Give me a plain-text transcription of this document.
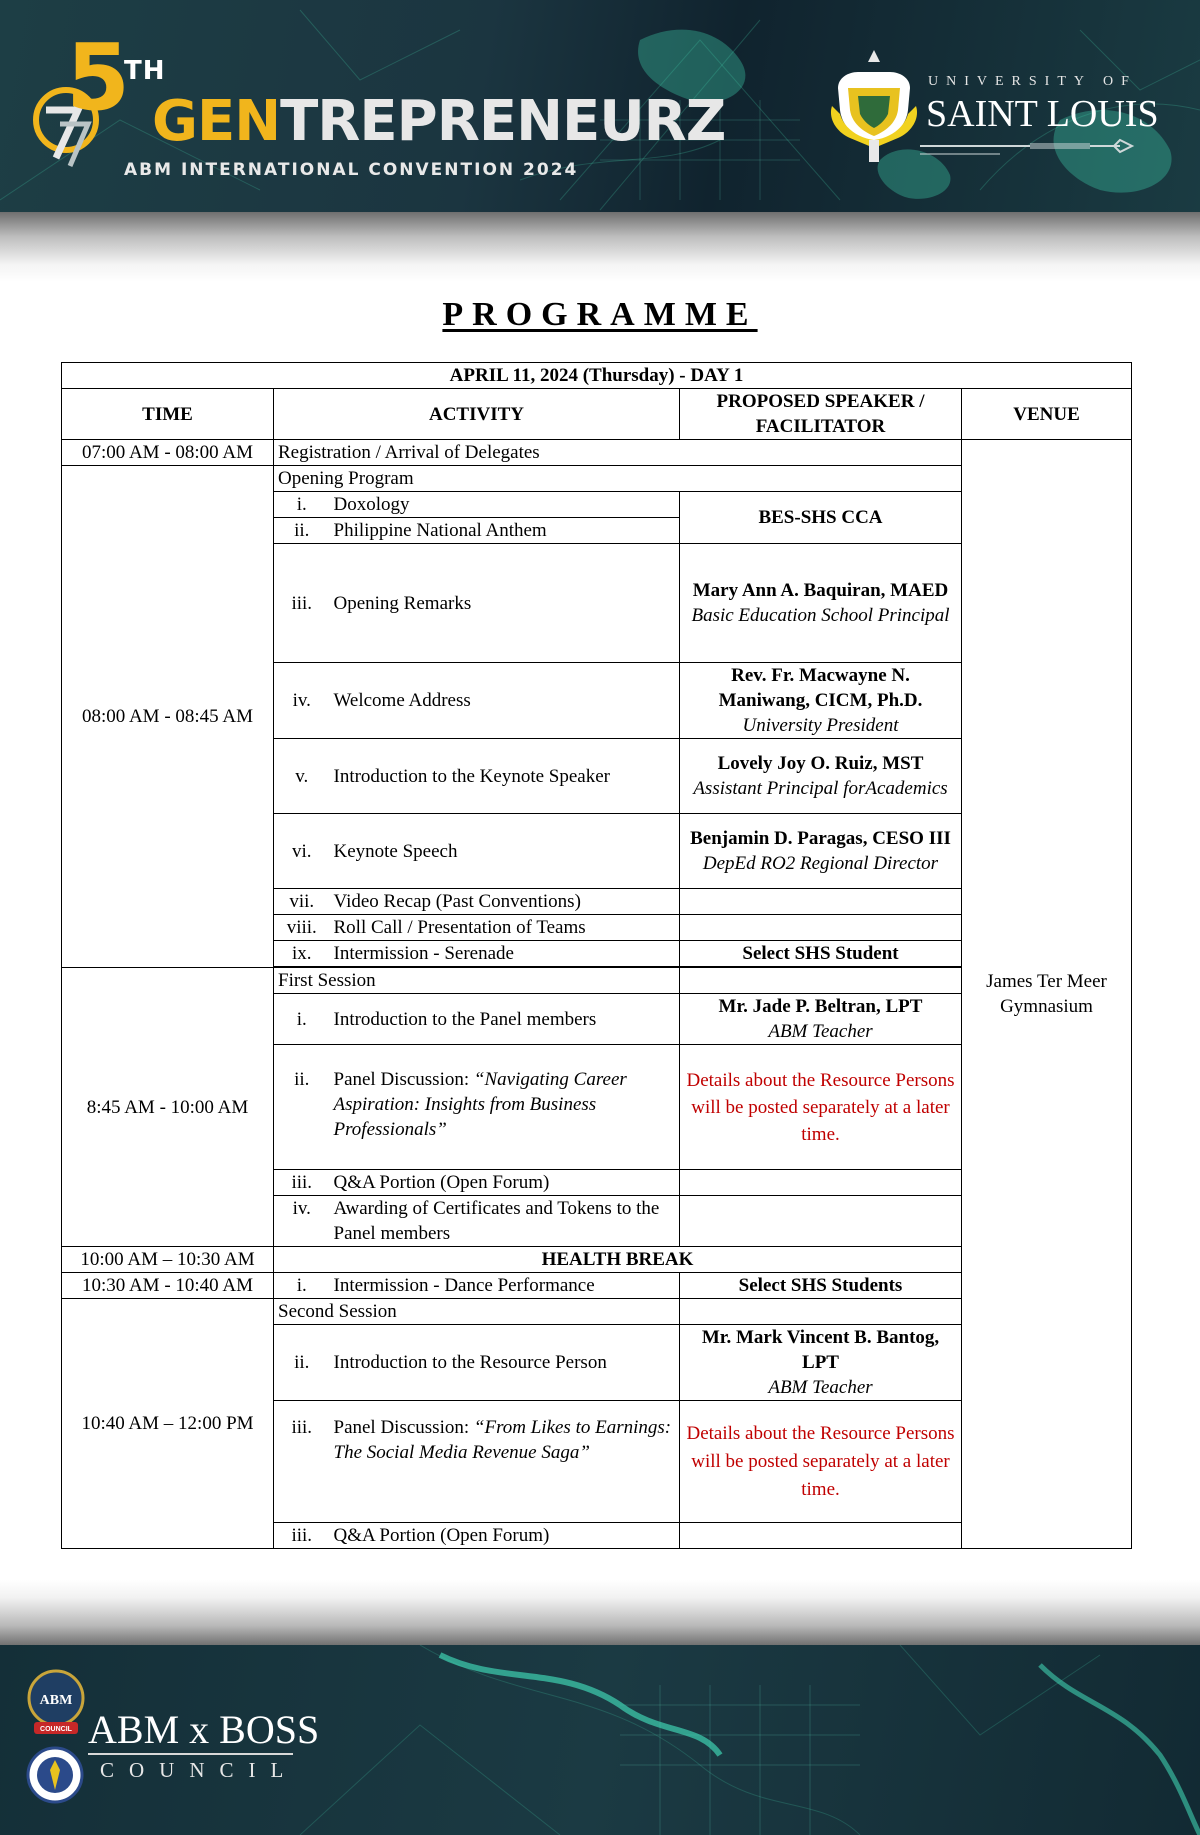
5
TH
GENTREPRENEURZ
ABM INTERNATIONAL CONVENTION 2024
UNIVERSITY OF
SAINT LOUIS
PROGRAMME
APRIL 11, 2024 (Thursday) - DAY 1				
TIME	ACTIVITY		PROPOSED SPEAKER / FACILITATOR	VENUE
07:00 AM - 08:00 AM	Registration / Arrival of Delegates			James Ter Meer Gymnasium
08:00 AM - 08:45 AM	Opening Program			
	i.	Doxology	BES-SHS CCA	
	ii.	Philippine National Anthem		
	iii.	Opening Remarks	Mary Ann A. Baquiran, MAED
Basic Education School Principal	

	iv.	Welcome Address	Rev. Fr. Macwayne N. Maniwang, CICM, Ph.D.
University President	

	v.	Introduction to the Keynote Speaker	Lovely Joy O. Ruiz, MST
Assistant Principal forAcademics	

	vi.	Keynote Speech	Benjamin D. Paragas, CESO III
DepEd RO2 Regional Director	

	vii.	Video Recap (Past Conventions)		
	viii.	Roll Call / Presentation of Teams		
	ix.	Intermission - Serenade	Select SHS Student	

8:45 AM - 10:00 AM	First Session			
	i.	Introduction to the Panel members	Mr. Jade P. Beltran, LPT
ABM Teacher	

	ii.	Panel Discussion: “Navigating Career Aspiration: Insights from Business Professionals”	Details about the Resource Persons will be posted separately at a later time.	
	iii.	Q&A Portion (Open Forum)		
	iv.	Awarding of Certificates and Tokens to the Panel members		
10:00 AM – 10:30 AM	HEALTH BREAK			
10:30 AM - 10:40 AM	i.	Intermission - Dance Performance	Select SHS Students	
10:40 AM – 12:00 PM	Second Session			
	ii.	Introduction to the Resource Person	Mr. Mark Vincent B. Bantog, LPT
ABM Teacher	

	iii.	Panel Discussion: “From Likes to Earnings: The Social Media Revenue Saga”	Details about the Resource Persons will be posted separately at a later time.	
	iii.	Q&A Portion (Open Forum)		
ABM
COUNCIL ABM x BOSS
COUNCIL
